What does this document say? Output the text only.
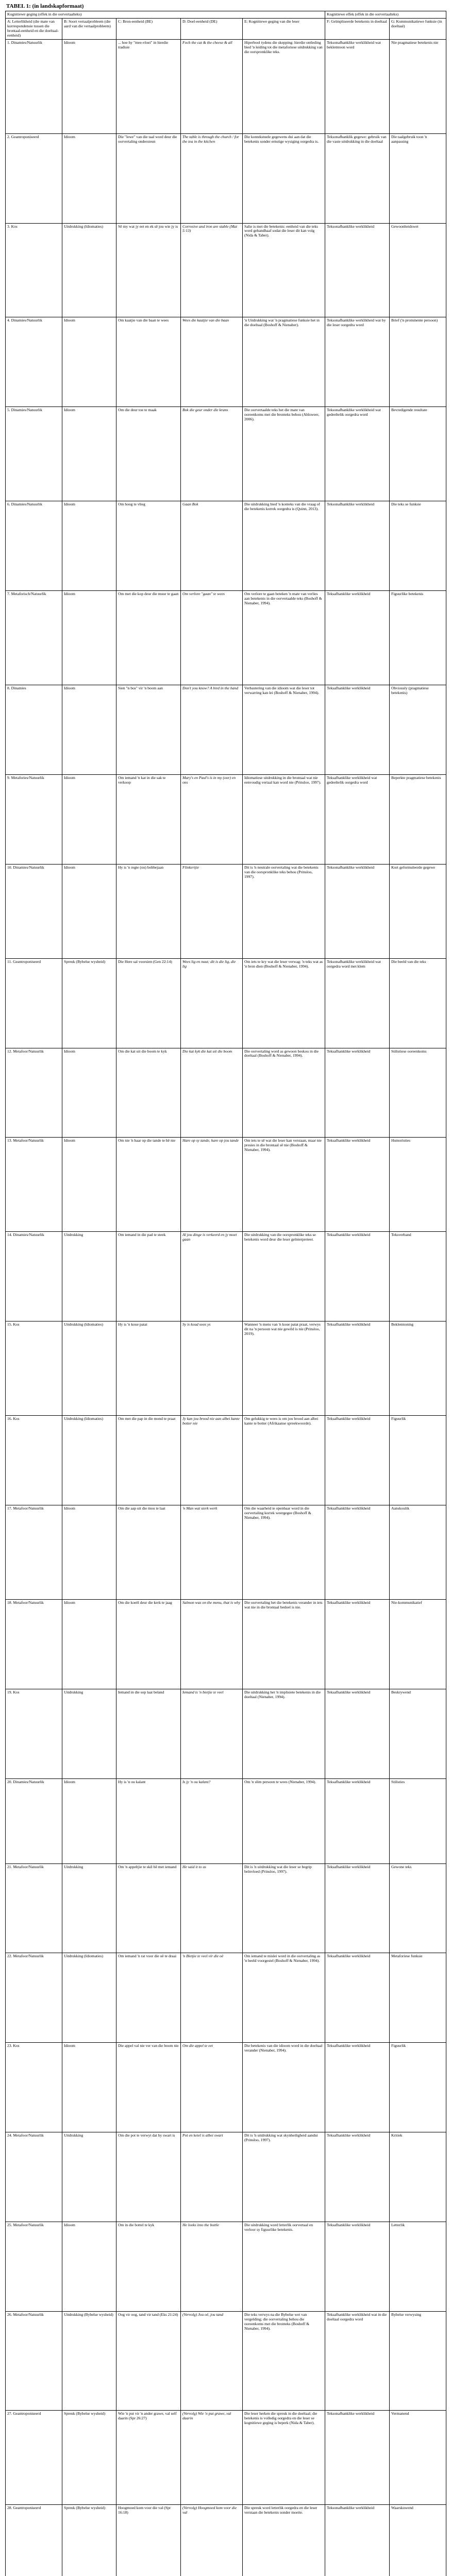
TABEL 1: (in landskapformaat)
Kognitiewe geging (effek in die oorvertaalteks)					Kognitiewe effek (effek in die oorvertaalteks)	
A: Letterlikheid (die mate van korrespondensie tussen die brontaal-eenheid en die doeltaal-eenheid)	B: Soort vertaalprobleem (die aard van die vertaalprobleem)	C: Bron-eenheid (BE)	D: Doel-eenheid (DE)	E: Kognitiewe geging van die leser	F: Geïmpliseerde betekenis in doeltaal	G: Kommunikatiewe funksie (in doeltaal)
1. Dinamies/Natuurlik	Idioom	... hoe hy "mee-vloei" in hierdie tradisie	Foch the cat & the cheese & all	Hiperbool tydens die skepping: hierdie ontleding bied 'n leiding tot die metaforiese uitdrukking van die oorspronklike teks.	Teksonafhanklike werklikheid wat beklemtoon word	Nie pragmatiese betekenis nie
2. Geantroponiseerd	Idioom	Die "lewe" van die taal word deur die oorvertaling ondersteun	The table is through the church / for the tea in the kitchen	Die kontekstuele gegewens dui aan dat die betekenis sonder ernstige wysiging oorgedra is.	Teksonafhanklik gegewe: gebruik van die vaste uitdrukking in die doeltaal	Die taalgebruik toon 'n aanpassing
3. Kos	Uitdrukking (Idiomaties)	Sê my wat jy eet en ek sê jou wie jy is	Corrosive and iron are stable (Mat 5:13)	Salie is met die betekenis: eenheid van die teks word gehandhaaf sodat die leser dit kan volg (Nida & Taber).	Teksonafhanklike werklikheid	Gewoonheidswet
4. Dinamies/Natuurlik	Idioom	Om kaatjie van die baan te wees	Wees die kaatjie van die baan	'n Uitdrukking wat 'n pragmatiese funksie het in die doeltaal (Boshoff & Nienaber).	Teksonafhanklike werklikheid wat by die leser oorgedra word	Brief ('n prominente persoon)
5. Dinamies/Natuurlik	Idioom	Om die deur toe te maak	Bok die geur onder die krans	Die oorvertaalde teks het die mate van ooreenkoms met die bronteks behou (Ahlsweer, 2006).	Teksonafhanklike werklikheid wat gedeeltelik oorgedra word	Bevredigende resultate
6. Dinamies/Natuurlik	Idioom	Om hoog te vlieg	Gaan Bok	Die uitdrukking bied 'n konteks van die vraag of die betekenis korrek oorgedra is (Quinn, 2013).	Teksonafhanklike werklikheid	Die teks se funksie
7. Metaforisch/Natuurlik	Idioom	Om met die kop deur die muur te gaan	Om verlore "gaan" te wees	Om verlore te gaan beteken 'n mate van verlies aan betekenis in die oorvertaalde teks (Boshoff & Nienaber, 1994).	Teksafhanklike werklikheid	Figuurlike betekenis
8. Dinamies	Idioom	Sien "n bos" vir 'n boom aan	Don't you know? A bird in the hand	Verbastering van die idioom wat die leser tot verwarring kan lei (Boshoff & Nienaber, 1994).	Teksafhanklike werklikheid	Obviously (pragmatiese betekenis)
9. Metafories/Natuurlik	Idioom	Om iemand 'n kat in die sak te verkoop	Mary's en Paul's is in my (oor) en ons	Idiomatiese uitdrukking in die brontaal wat nie eenvoudig vertaal kan word nie (Prinsloo, 1997).	Teksafhanklike werklikheid wat gedeeltelik oorgedra word	Beperkte pragmatiese betekenis
10. Dinamies/Natuurlik	Idioom	Hy is 'n regte (ou) bobbejaan	Flinkertjie	Dit is 'n neutrale oorvertaling wat die betekenis van die oorspronklike teks behou (Prinsloo, 1997).	Teksonafhanklike werklikheid	Kort geformuleerde gegewe
11. Geantroponiseerd	Spreuk (Bybelse wysheid)	Die Here sal voorsien (Gen 22:14)	Wees lig en nuut; dit is die lig, die lig	Om iets te kry wat die leser verwag: 'n teks wat as 'n bron dien (Boshoff & Nienaber, 1994).	Teksonafhanklike werklikheid wat oorgedra word met klem	Die beeld van die teks
12. Metafoor/Natuurlik	Idioom	Om die kat uit die boom te kyk	Die kat kyk die kat uit die boom	Die oorvertaling word as gewoon beskou in die doeltaal (Boshoff & Nienaber, 1994).	Teksafhanklike werklikheid	Stilistiese ooreenkoms
13. Metafoor/Natuurlik	Idioom	Om nie 'n haar op die tande te hê nie	Hare op sy tande, hare op jou tande	Om iets te sê wat die leser kan verstaan, maar nie presies in die brontaal sê nie (Boshoff & Nienaber, 1994).	Teksafhanklike werklikheid	Humoristies
14. Dinamies/Natuurlik	Uitdrukking	Om iemand in die pad te steek	Al jou dinge is verkeerd en jy moet gaan	Die uitdrukking van die oorspronklike teks se betekenis word deur die leser geïnterpreteer.	Teksafhanklike werklikheid	Teksverband
15. Kos	Uitdrukking (Idiomaties)	Hy is 'n koue patat	Sy is koud soos ys	Wanneer 'n mens van 'n koue patat praat, verwys dit na 'n persoon wat nie gewild is nie (Prinsloo, 2019).	Teksafhanklike werklikheid	Beklemtoning
16. Kos	Uitdrukking (Idiomaties)	Om met die pap in die mond te praat	Jy kan jou brood nie aan albei kante botter nie	Om gelukkig te wees is om jou brood aan albei kante te botter (Afrikaanse spreekwoorde).	Teksafhanklike werklikheid	Figuurlik
17. Metafoor/Natuurlik	Idioom	Om die aap uit die mou te laat	'n Man wat sterk werk	Om die waarheid te openbaar word in die oorvertaling korrek weergegee (Boshoff & Nienaber, 1994).	Teksafhanklike werklikheid	Aanskoulik
18. Metafoor/Natuurlik	Idioom	Om die koeël deur die kerk te jaag	Salmon was on the menu, that is why	Die oorvertaling het die betekenis verander in iets wat nie in die brontaal bedoel is nie.	Teksafhanklike werklikheid	Nie-kommunikatief
19. Kos	Uitdrukking	Iemand in die sop laat beland	Iemand is 'n bietjie te veel	Die uitdrukking het 'n implisiete betekenis in die doeltaal (Nienaber, 1994).	Teksafhanklike werklikheid	Beskrywend
20. Dinamies/Natuurlik	Idioom	Hy is 'n ou kalant	Is jy 'n ou kalant?	Om 'n slim persoon te wees (Nienaber, 1994).	Teksafhanklike werklikheid	Stilisties
21. Metafoor/Natuurlik	Uitdrukking	Om 'n appeltjie te skil hê met iemand	He said it to us	Dit is 'n uitdrukking wat die leser se begrip beïnvloed (Prinsloo, 1997).	Teksafhanklike werklikheid	Gewone teks
22. Metafoor/Natuurlik	Uitdrukking (Idiomaties)	Om iemand 'n rat voor die oë te draai	'n Bietjie te veel vir die oë	Om iemand te mislei word in die oorvertaling as 'n beeld voorgestel (Boshoff & Nienaber, 1994).	Teksafhanklike werklikheid	Metaforiese funksie
23. Kos	Idioom	Die appel val nie ver van die boom nie	Om die appel te eet	Die betekenis van die idioom word in die doeltaal verander (Nienaber, 1994).	Teksafhanklike werklikheid	Figuurlik
24. Metafoor/Natuurlik	Uitdrukking	Om die pot te verwyt dat hy swart is	Pot en ketel is albei swart	Dit is 'n uitdrukking wat skynheiligheid aandui (Prinsloo, 1997).	Teksafhanklike werklikheid	Kritiek
25. Metafoor/Natuurlik	Idioom	Om in die bottel te kyk	He looks into the bottle	Die uitdrukking word letterlik oorvertaal en verloor sy figuurlike betekenis.	Teksafhanklike werklikheid	Letterlik
26. Metafoor/Natuurlik	Uitdrukking (Bybelse wysheid)	Oog vir oog, tand vir tand (Eks 21:24)	(Vervolg) Jou oë, jou tand	Die teks verwys na die Bybelse wet van vergelding; die oorvertaling behou die ooreenkoms met die bronteks (Boshoff & Nienaber, 1994).	Teksafhanklike werklikheid wat in die doeltaal oorgedra word	Bybelse verwysing
27. Geantroponiseerd	Spreuk (Bybelse wysheid)	Wie 'n put vir 'n ander grawe, val self daarin (Spr 26:27)	(Vervolg) Wie 'n put grawe, val daarin	Die leser herken die spreuk in die doeltaal; die betekenis is volledig oorgedra en die leser se kognitiewe geging is beperk (Nida & Taber).	Teksonafhanklike werklikheid	Vermanend
28. Geantroponiseerd	Spreuk (Bybelse wysheid)	Hoogmoed kom voor die val (Spr 16:18)	(Vervolg) Hoogmoed kom voor die val	Die spreuk word letterlik oorgedra en die leser verstaan die betekenis sonder moeite.	Teksonafhanklike werklikheid	Waarskuwend
